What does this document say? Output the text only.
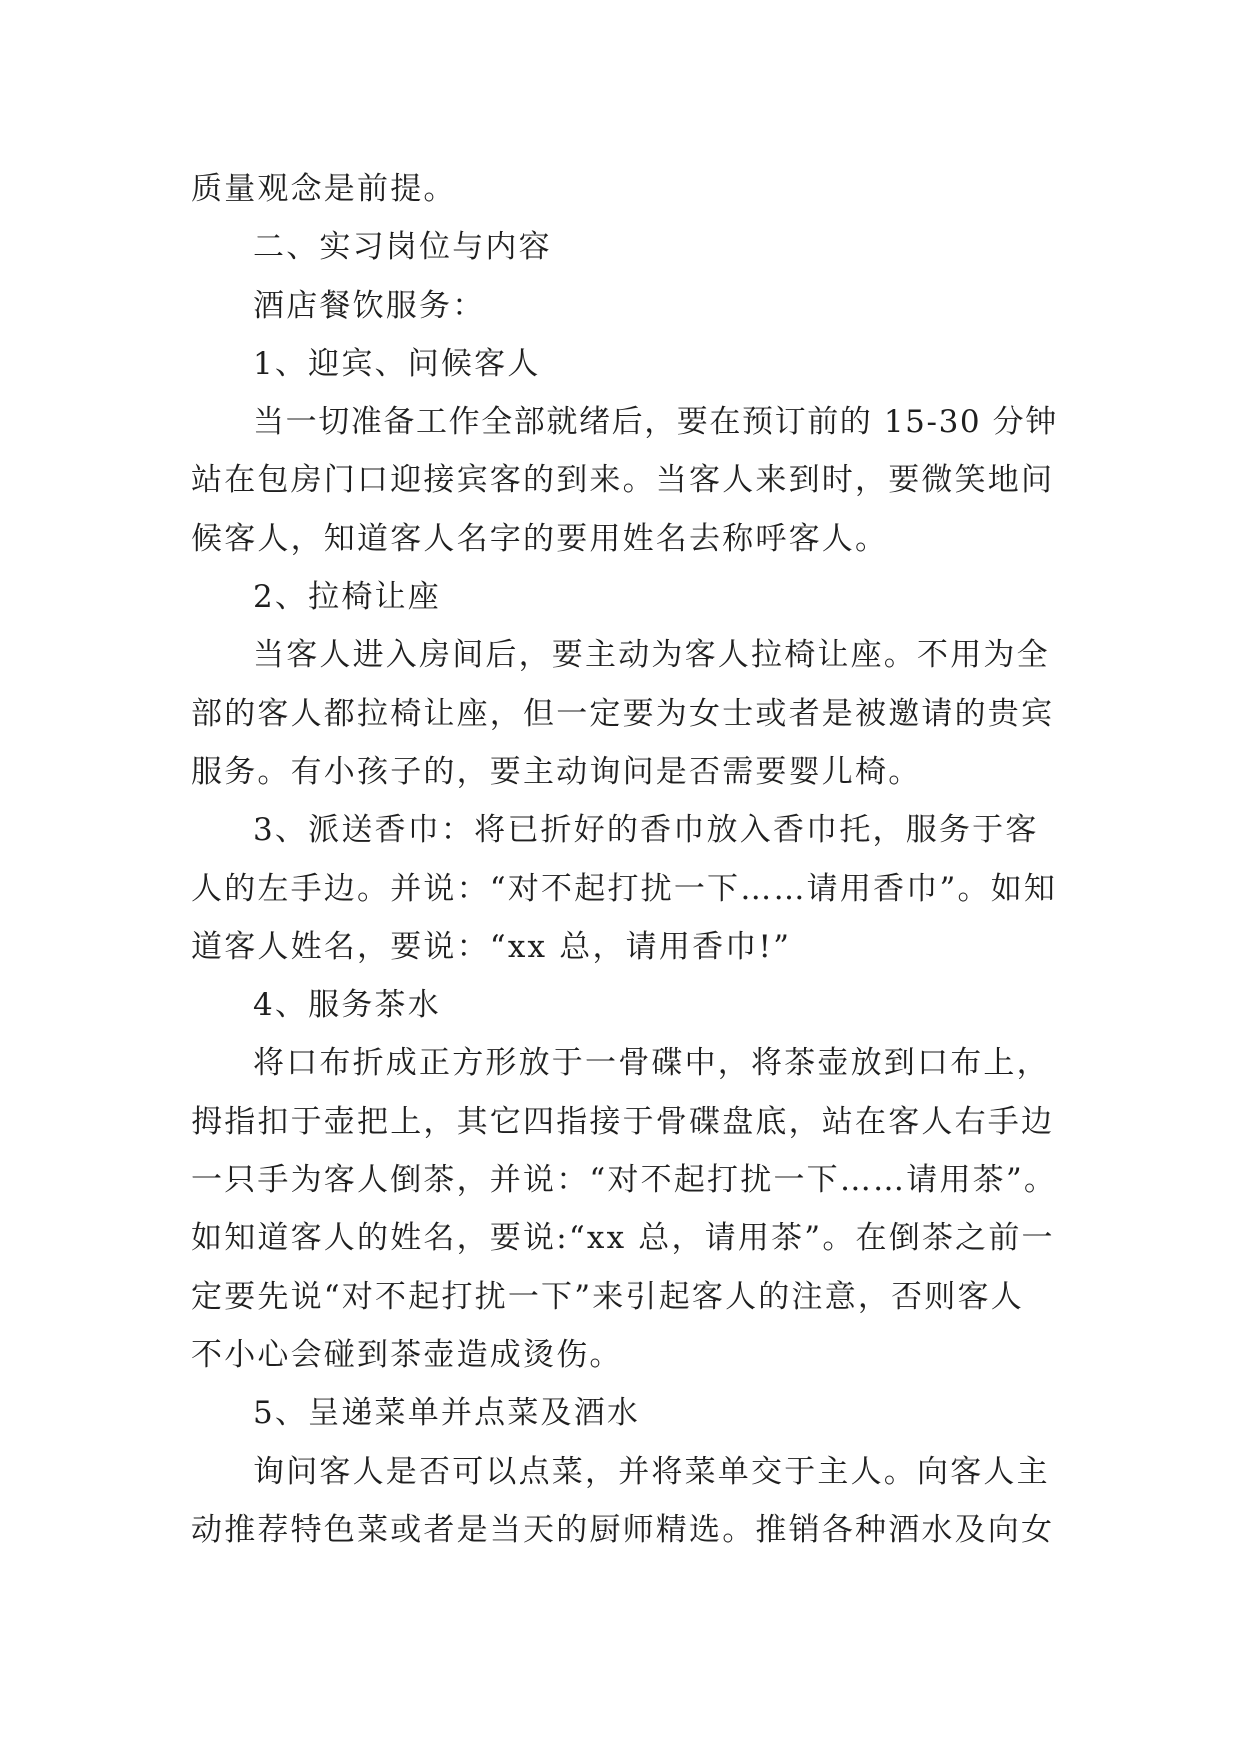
质量观念是前提。
二、实习岗位与内容
酒店餐饮服务：
1、迎宾、问候客人
当一切准备工作全部就绪后，要在预订前的 15-30 分钟
站在包房门口迎接宾客的到来。当客人来到时，要微笑地问
候客人，知道客人名字的要用姓名去称呼客人。
2、拉椅让座
当客人进入房间后，要主动为客人拉椅让座。不用为全
部的客人都拉椅让座，但一定要为女士或者是被邀请的贵宾
服务。有小孩子的，要主动询问是否需要婴儿椅。
3、派送香巾：将已折好的香巾放入香巾托，服务于客
人的左手边。并说：“对不起打扰一下……请用香巾”。如知
道客人姓名，要说：“xx 总，请用香巾!”
4、服务茶水
将口布折成正方形放于一骨碟中，将茶壶放到口布上，
拇指扣于壶把上，其它四指接于骨碟盘底，站在客人右手边
一只手为客人倒茶，并说：“对不起打扰一下……请用茶”。
如知道客人的姓名，要说:“xx 总，请用茶”。在倒茶之前一
定要先说“对不起打扰一下”来引起客人的注意，否则客人
不小心会碰到茶壶造成烫伤。
5、呈递菜单并点菜及酒水
询问客人是否可以点菜，并将菜单交于主人。向客人主
动推荐特色菜或者是当天的厨师精选。推销各种酒水及向女
